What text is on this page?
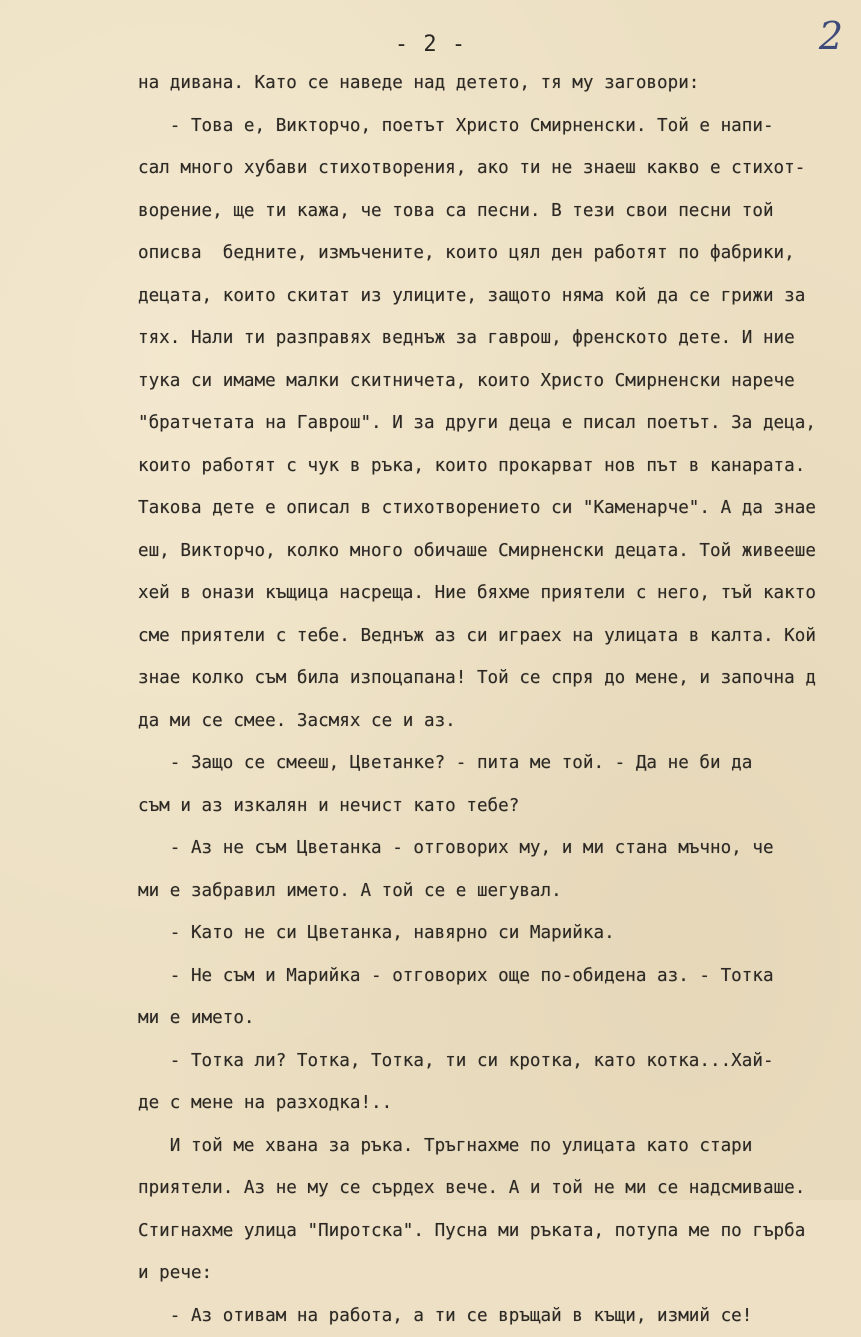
- 2 -	2
на дивана. Като се наведе над детето, тя му заговори:
- Това е, Викторчо, поетът Христо Смирненски. Той е напи-
сал много хубави стихотворения, ако ти не знаеш какво е стихот-
ворение, ще ти кажа, че това са песни. В тези свои песни той
описва  бедните, измъчените, които цял ден работят по фабрики,
децата, които скитат из улиците, защото няма кой да се грижи за
тях. Нали ти разправях веднъж за гаврош, френското дете. И ние
тука си имаме малки скитничета, които Христо Смирненски нарече
"братчетата на Гаврош". И за други деца е писал поетът. За деца,
които работят с чук в ръка, които прокарват нов път в канарата.
Такова дете е описал в стихотворението си "Каменарче". А да знае
еш, Викторчо, колко много обичаше Смирненски децата. Той живееше
хей в онази къщица насреща. Ние бяхме приятели с него, тъй както
сме приятели с тебе. Веднъж аз си играех на улицата в калта. Кой
знае колко съм била изпоцапана! Той се спря до мене, и започна д
да ми се смее. Засмях се и аз.
- Защо се смееш, Цветанке? - пита ме той. - Да не би да
съм и аз изкалян и нечист като тебе?
- Аз не съм Цветанка - отговорих му, и ми стана мъчно, че
ми е забравил името. А той се е шегувал.
- Като не си Цветанка, навярно си Марийка.
- Не съм и Марийка - отговорих още по-обидена аз. - Тотка
ми е името.
- Тотка ли? Тотка, Тотка, ти си кротка, като котка...Хай-
де с мене на разходка!..
И той ме хвана за ръка. Тръгнахме по улицата като стари
приятели. Аз не му се сърдех вече. А и той не ми се надсмиваше.
Стигнахме улица "Пиротска". Пусна ми ръката, потупа ме по гърба
и рече:
- Аз отивам на работа, а ти се връщай в къщи, измий се!
